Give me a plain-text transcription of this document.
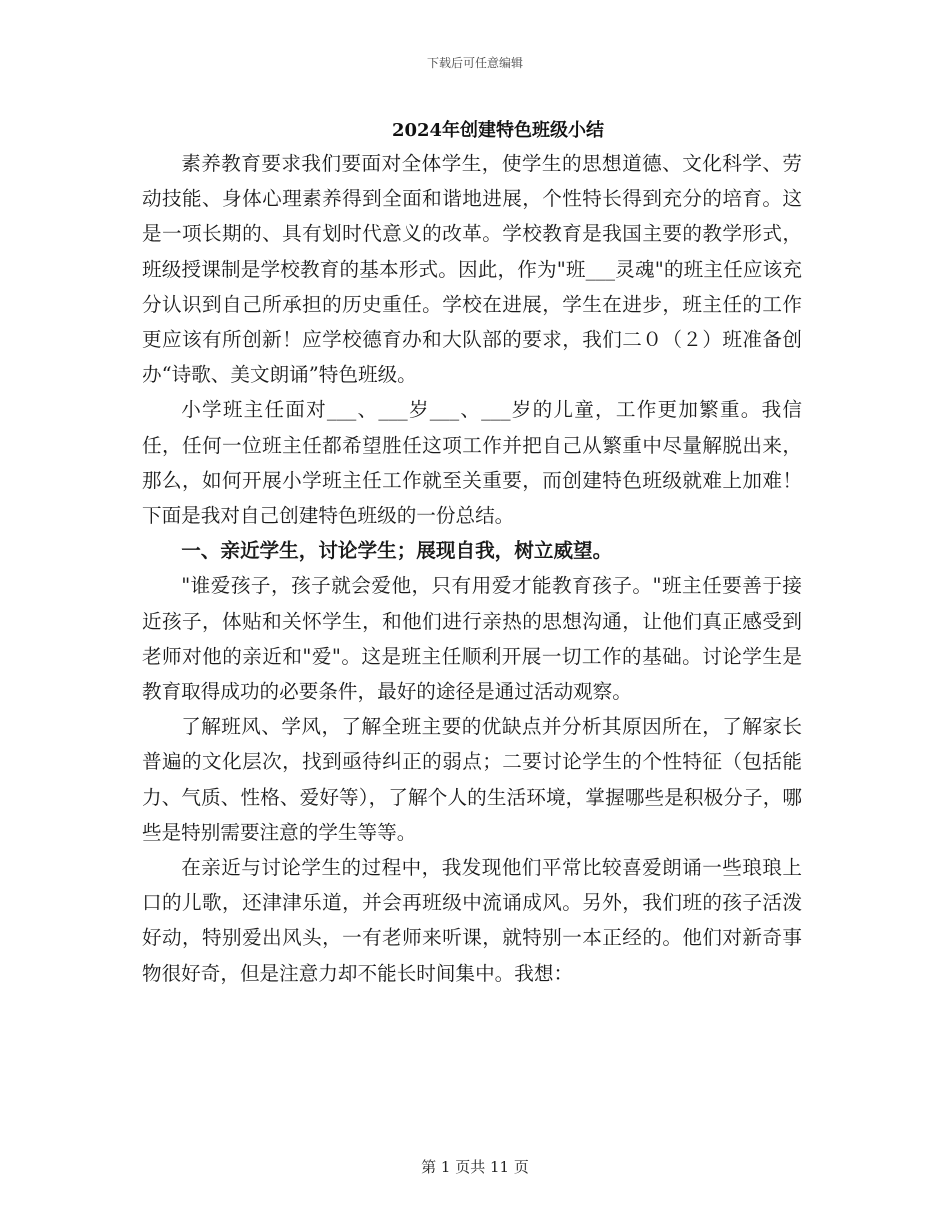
下载后可任意编辑
2024年创建特色班级小结

素养教育要求我们要面对全体学生，使学生的思想道德、文化科学、劳动技能、身体心理素养得到全面和谐地进展，个性特长得到充分的培育。这是一项长期的、具有划时代意义的改革。学校教育是我国主要的教学形式，班级授课制是学校教育的基本形式。因此，作为"班___灵魂"的班主任应该充分认识到自己所承担的历史重任。学校在进展，学生在进步，班主任的工作更应该有所创新！应学校德育办和大队部的要求，我们二０（２）班准备创办“诗歌、美文朗诵”特色班级。

小学班主任面对___、___岁___、___岁的儿童，工作更加繁重。我信任，任何一位班主任都希望胜任这项工作并把自己从繁重中尽量解脱出来，那么，如何开展小学班主任工作就至关重要，而创建特色班级就难上加难！下面是我对自己创建特色班级的一份总结。

一、亲近学生，讨论学生；展现自我，树立威望。

"谁爱孩子，孩子就会爱他，只有用爱才能教育孩子。"班主任要善于接近孩子，体贴和关怀学生，和他们进行亲热的思想沟通，让他们真正感受到老师对他的亲近和"爱"。这是班主任顺利开展一切工作的基础。讨论学生是教育取得成功的必要条件，最好的途径是通过活动观察。

了解班风、学风，了解全班主要的优缺点并分析其原因所在，了解家长普遍的文化层次，找到亟待纠正的弱点；二要讨论学生的个性特征（包括能力、气质、性格、爱好等），了解个人的生活环境，掌握哪些是积极分子，哪些是特别需要注意的学生等等。

在亲近与讨论学生的过程中，我发现他们平常比较喜爱朗诵一些琅琅上口的儿歌，还津津乐道，并会再班级中流诵成风。另外，我们班的孩子活泼好动，特别爱出风头，一有老师来听课，就特别一本正经的。他们对新奇事物很好奇，但是注意力却不能长时间集中。我想：

第 1 页共 11 页
